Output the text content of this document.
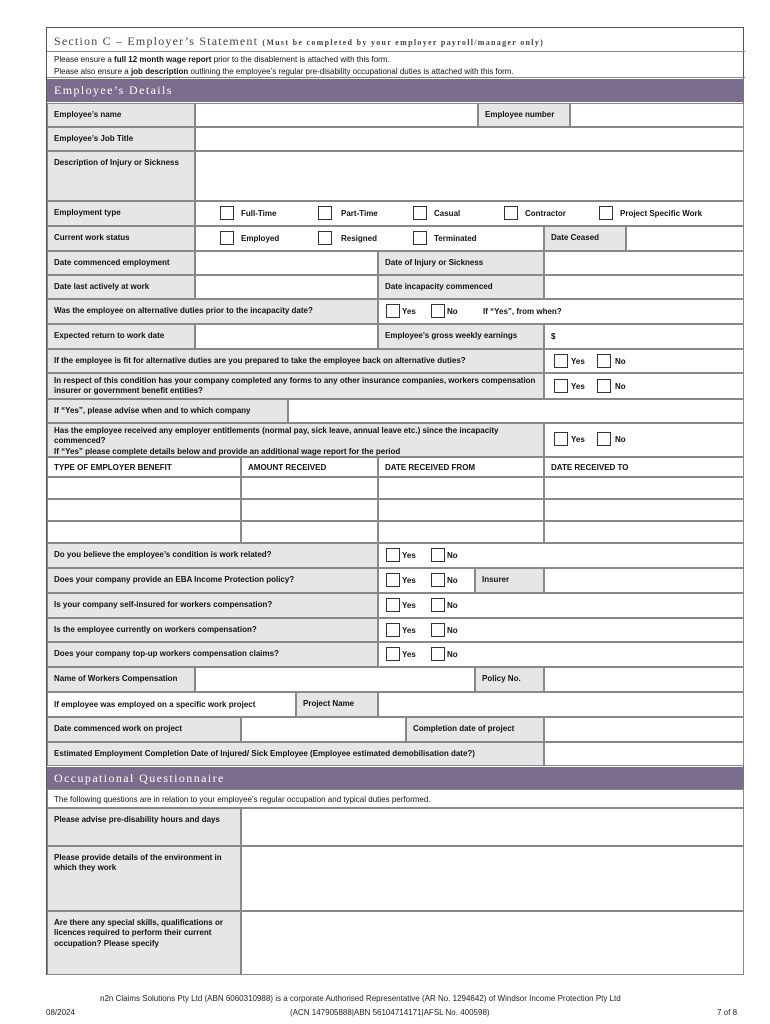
Section C – Employer’s Statement (Must be completed by your employer payroll/manager only)
Please ensure a full 12 month wage report prior to the disablement is attached with this form.
Please also ensure a job description outlining the employee’s regular pre-disability occupational duties is attached with this form.
Employee’s Details
Employee’s name	Employee number
Employee’s Job Title
Description of Injury or Sickness
Employment type	Full-Time	Part-Time	Casual	Contractor	Project Specific Work
Current work status	Employed	Resigned	Terminated	Date Ceased
Date commenced employment	Date of Injury or Sickness
Date last actively at work	Date incapacity commenced
Was the employee on alternative duties prior to the incapacity date?	Yes	No	If “Yes”, from when?
Expected return to work date	Employee’s gross weekly earnings	$
If the employee is fit for alternative duties are you prepared to take the employee back on alternative duties?	Yes	No
In respect of this condition has your company completed any forms to any other insurance companies, workers compensation insurer or government benefit entities?	Yes	No
If “Yes”, please advise when and to which company
Has the employee received any employer entitlements (normal pay, sick leave, annual leave etc.) since the incapacity commenced?
If “Yes” please complete details below and provide an additional wage report for the period
Yes	No
TYPE OF EMPLOYER BENEFIT	AMOUNT RECEIVED	DATE RECEIVED FROM	DATE RECEIVED TO
Do you believe the employee’s condition is work related?	Yes	No
Does your company provide an EBA Income Protection policy?	Yes	No	Insurer
Is your company self-insured for workers compensation?	Yes	No
Is the employee currently on workers compensation?	Yes	No
Does your company top-up workers compensation claims?	Yes	No
Name of Workers Compensation	Policy No.
If employee was employed on a specific work project	Project Name
Date commenced work on project	Completion date of project
Estimated Employment Completion Date of Injured/ Sick Employee (Employee estimated demobilisation date?)
Occupational Questionnaire
The following questions are in relation to your employee’s regular occupation and typical duties performed.
Please advise pre-disability hours and days
Please provide details of the environment in which they work
Are there any special skills, qualifications or licences required to perform their current occupation? Please specify
n2n Claims Solutions Pty Ltd (ABN 6060310988) is a corporate Authorised Representative (AR No. 1294642) of Windsor Income Protection Pty Ltd
08/2024	(ACN 147905888|ABN 56104714171|AFSL No. 400598)	7 of 8
